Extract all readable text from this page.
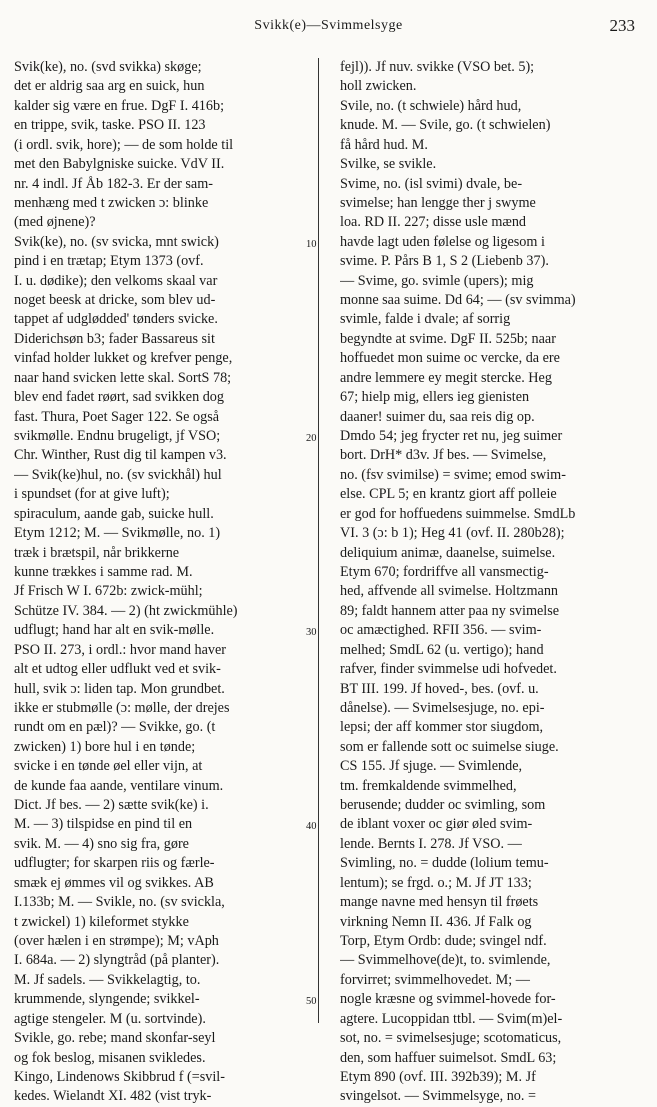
Svikk(e)—Svimmelsyge	233
Svik(ke), no. (svd svikka) skøge;
det er aldrig saa arg en suick, hun
kalder sig være en frue. DgF I. 416b;
en trippe, svik, taske. PSO II. 123
(i ordl. svik, hore); — de som holde til
met den Babylgniske suicke. VdV II.
nr. 4 indl. Jf Åb 182-3. Er der sam-
menhæng med t zwicken ɔ: blinke
(med øjnene)?
Svik(ke), no. (sv svicka, mnt swick)
pind i en trætap; Etym 1373 (ovf.
I. u. dødike); den velkoms skaal var
noget beesk at dricke, som blev ud-
tappet af udglødded' tønders svicke.
Diderichsøn b3; fader Bassareus sit
vinfad holder lukket og krefver penge,
naar hand svicken lette skal. SortS 78;
blev end fadet røørt, sad svikken dog
fast. Thura, Poet Sager 122. Se også
svikmølle. Endnu brugeligt, jf VSO;
Chr. Winther, Rust dig til kampen v3.
— Svik(ke)hul, no. (sv svickhål) hul
i spundset (for at give luft);
spiraculum, aande gab, suicke hull.
Etym 1212; M. — Svikmølle, no. 1)
træk i brætspil, når brikkerne
kunne trækkes i samme rad. M.
Jf Frisch W I. 672b: zwick-mühl;
Schütze IV. 384. — 2) (ht zwickmühle)
udflugt; hand har alt en svik-mølle.
PSO II. 273, i ordl.: hvor mand haver
alt et udtog eller udflukt ved et svik-
hull, svik ɔ: liden tap. Mon grundbet.
ikke er stubmølle (ɔ: mølle, der drejes
rundt om en pæl)? — Svikke, go. (t
zwicken) 1) bore hul i en tønde;
svicke i en tønde øel eller vijn, at
de kunde faa aande, ventilare vinum.
Dict. Jf bes. — 2) sætte svik(ke) i.
M. — 3) tilspidse en pind til en
svik. M. — 4) sno sig fra, gøre
udflugter; for skarpen riis og færle-
smæk ej ømmes vil og svikkes. AB
I.133b; M. — Svikle, no. (sv svickla,
t zwickel) 1) kileformet stykke
(over hælen i en strømpe); M; vAph
I. 684a. — 2) slyngtråd (på planter).
M. Jf sadels. — Svikkelagtig, to.
krummende, slyngende; svikkel-
agtige stengeler. M (u. sortvinde).
Svikle, go. rebe; mand skonfar-seyl
og fok beslog, misanen svikledes.
Kingo, Lindenows Skibbrud f (=svil-
kedes. Wielandt XI. 482 (vist tryk-
10
20
30
40
50
fejl)). Jf nuv. svikke (VSO bet. 5);
holl zwicken.
Svile, no. (t schwiele) hård hud,
knude. M. — Svile, go. (t schwielen)
få hård hud. M.
Svilke, se svikle.
Svime, no. (isl svimi) dvale, be-
svimelse; han lengge ther j swyme
loa. RD II. 227; disse usle mænd
havde lagt uden følelse og ligesom i
svime. P. Pårs B 1, S 2 (Liebenb 37).
— Svime, go. svimle (upers); mig
monne saa suime. Dd 64; — (sv svimma)
svimle, falde i dvale; af sorrig
begyndte at svime. DgF II. 525b; naar
hoffuedet mon suime oc vercke, da ere
andre lemmere ey megit stercke. Heg
67; hielp mig, ellers ieg gienisten
daaner! suimer du, saa reis dig op.
Dmdo 54; jeg frycter ret nu, jeg suimer
bort. DrH* d3v. Jf bes. — Svimelse,
no. (fsv svimilse) = svime; emod swim-
else. CPL 5; en krantz giort aff polleie
er god for hoffuedens suimmelse. SmdLb
VI. 3 (ɔ: b 1); Heg 41 (ovf. II. 280b28);
deliquium animæ, daanelse, suimelse.
Etym 670; fordriffve all vansmectig-
hed, affvende all svimelse. Holtzmann
89; faldt hannem atter paa ny svimelse
oc amæctighed. RFII 356. — svim-
melhed; SmdL 62 (u. vertigo); hand
rafver, finder svimmelse udi hofvedet.
BT III. 199. Jf hoved-, bes. (ovf. u.
dånelse). — Svimelsesjuge, no. epi-
lepsi; der aff kommer stor siugdom,
som er fallende sott oc suimelse siuge.
CS 155. Jf sjuge. — Svimlende,
tm. fremkaldende svimmelhed,
berusende; dudder oc svimling, som
de iblant voxer oc giør øled svim-
lende. Bernts I. 278. Jf VSO. —
Svimling, no. = dudde (lolium temu-
lentum); se frgd. o.; M. Jf JT 133;
mange navne med hensyn til frøets
virkning Nemn II. 436. Jf Falk og
Torp, Etym Ordb: dude; svingel ndf.
— Svimmelhove(de)t, to. svimlende,
forvirret; svimmelhovedet. M; —
nogle kræsne og svimmel-hovede for-
agtere. Lucoppidan ttbl. — Svim(m)el-
sot, no. = svimelsesjuge; scotomaticus,
den, som haffuer suimelsot. SmdL 63;
Etym 890 (ovf. III. 392b39); M. Jf
svingelsot. — Svimmelsyge, no. =
